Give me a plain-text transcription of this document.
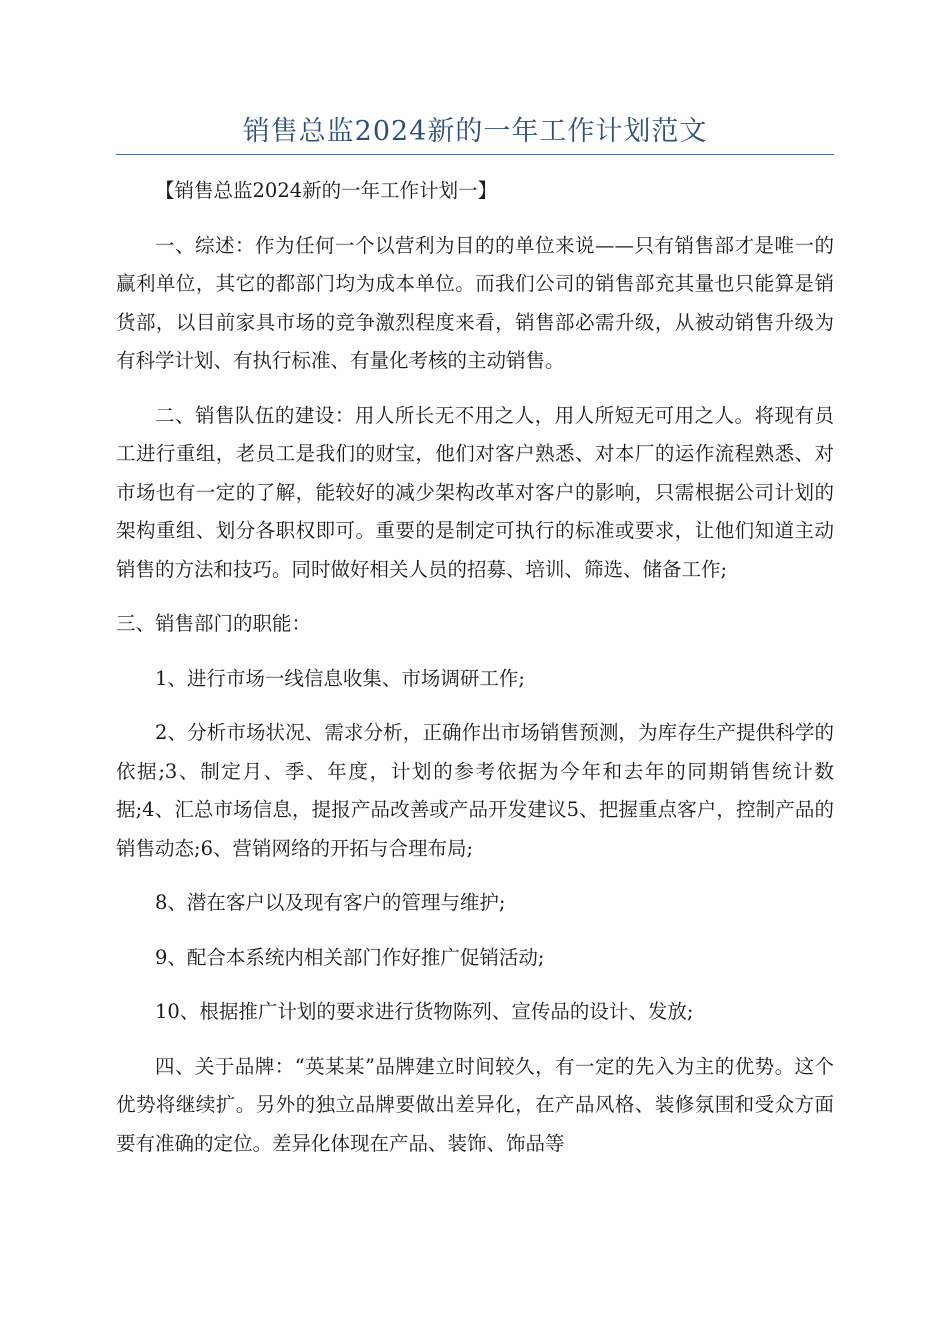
销售总监2024新的一年工作计划范文

【销售总监2024新的一年工作计划一】

一、综述：作为任何一个以营利为目的的单位来说——只有销售部才是唯一的赢利单位，其它的都部门均为成本单位。而我们公司的销售部充其量也只能算是销货部，以目前家具市场的竞争激烈程度来看，销售部必需升级，从被动销售升级为有科学计划、有执行标准、有量化考核的主动销售。

二、销售队伍的建设：用人所长无不用之人，用人所短无可用之人。将现有员工进行重组，老员工是我们的财宝，他们对客户熟悉、对本厂的运作流程熟悉、对市场也有一定的了解，能较好的减少架构改革对客户的影响，只需根据公司计划的架构重组、划分各职权即可。重要的是制定可执行的标准或要求，让他们知道主动销售的方法和技巧。同时做好相关人员的招募、培训、筛选、储备工作;

三、销售部门的职能：

1、进行市场一线信息收集、市场调研工作;

2、分析市场状况、需求分析，正确作出市场销售预测，为库存生产提供科学的依据;3、制定月、季、年度，计划的参考依据为今年和去年的同期销售统计数据;4、汇总市场信息，提报产品改善或产品开发建议5、把握重点客户，控制产品的销售动态;6、营销网络的开拓与合理布局;

8、潜在客户以及现有客户的管理与维护;

9、配合本系统内相关部门作好推广促销活动;

10、根据推广计划的要求进行货物陈列、宣传品的设计、发放;

四、关于品牌：“英某某”品牌建立时间较久，有一定的先入为主的优势。这个优势将继续扩。另外的独立品牌要做出差异化，在产品风格、装修氛围和受众方面要有准确的定位。差异化体现在产品、装饰、饰品等
